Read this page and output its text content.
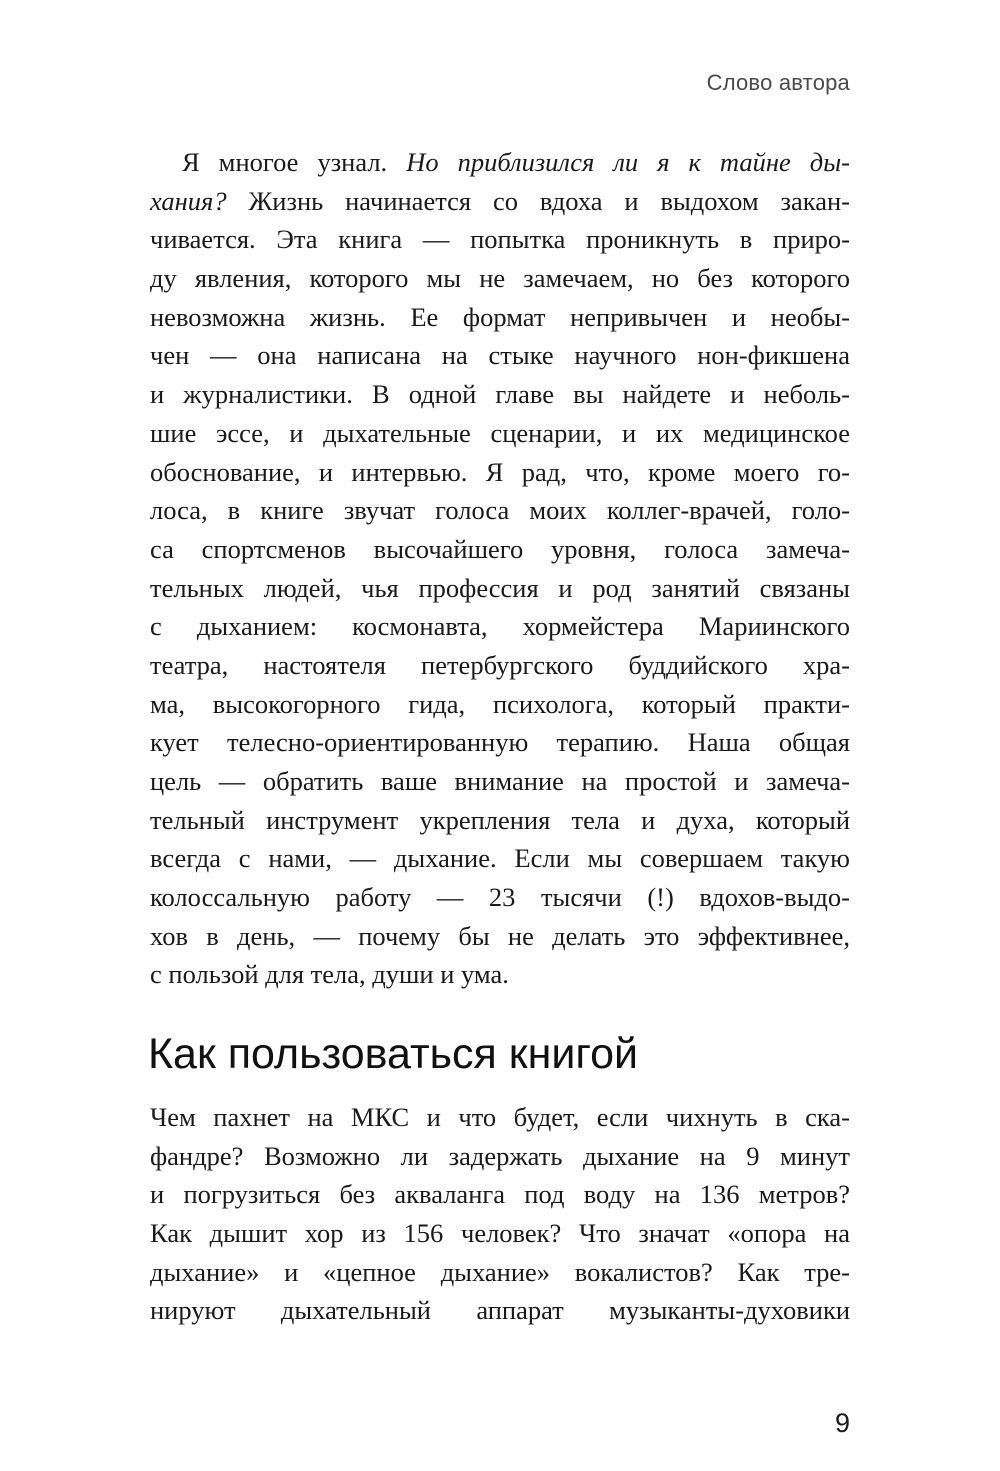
Слово автора
Я многое узнал. Но приблизился ли я к тайне ды-
хания? Жизнь начинается со вдоха и выдохом закан-
чивается. Эта книга — попытка проникнуть в приро-
ду явления, которого мы не замечаем, но без которого
невозможна жизнь. Ее формат непривычен и необы-
чен — она написана на стыке научного нон-фикшена
и журналистики. В одной главе вы найдете и неболь-
шие эссе, и дыхательные сценарии, и их медицинское
обоснование, и интервью. Я рад, что, кроме моего го-
лоса, в книге звучат голоса моих коллег-врачей, голо-
са спортсменов высочайшего уровня, голоса замеча-
тельных людей, чья профессия и род занятий связаны
с дыханием: космонавта, хормейстера Мариинского
театра, настоятеля петербургского буддийского хра-
ма, высокогорного гида, психолога, который практи-
кует телесно-ориентированную терапию. Наша общая
цель — обратить ваше внимание на простой и замеча-
тельный инструмент укрепления тела и духа, который
всегда с нами, — дыхание. Если мы совершаем такую
колоссальную работу — 23 тысячи (!) вдохов-выдо-
хов в день, — почему бы не делать это эффективнее,
с пользой для тела, души и ума.
Как пользоваться книгой
Чем пахнет на МКС и что будет, если чихнуть в ска-
фандре? Возможно ли задержать дыхание на 9 минут
и погрузиться без акваланга под воду на 136 метров?
Как дышит хор из 156 человек? Что значат «опора на
дыхание» и «цепное дыхание» вокалистов? Как тре-
нируют дыхательный аппарат музыканты-духовики
9
